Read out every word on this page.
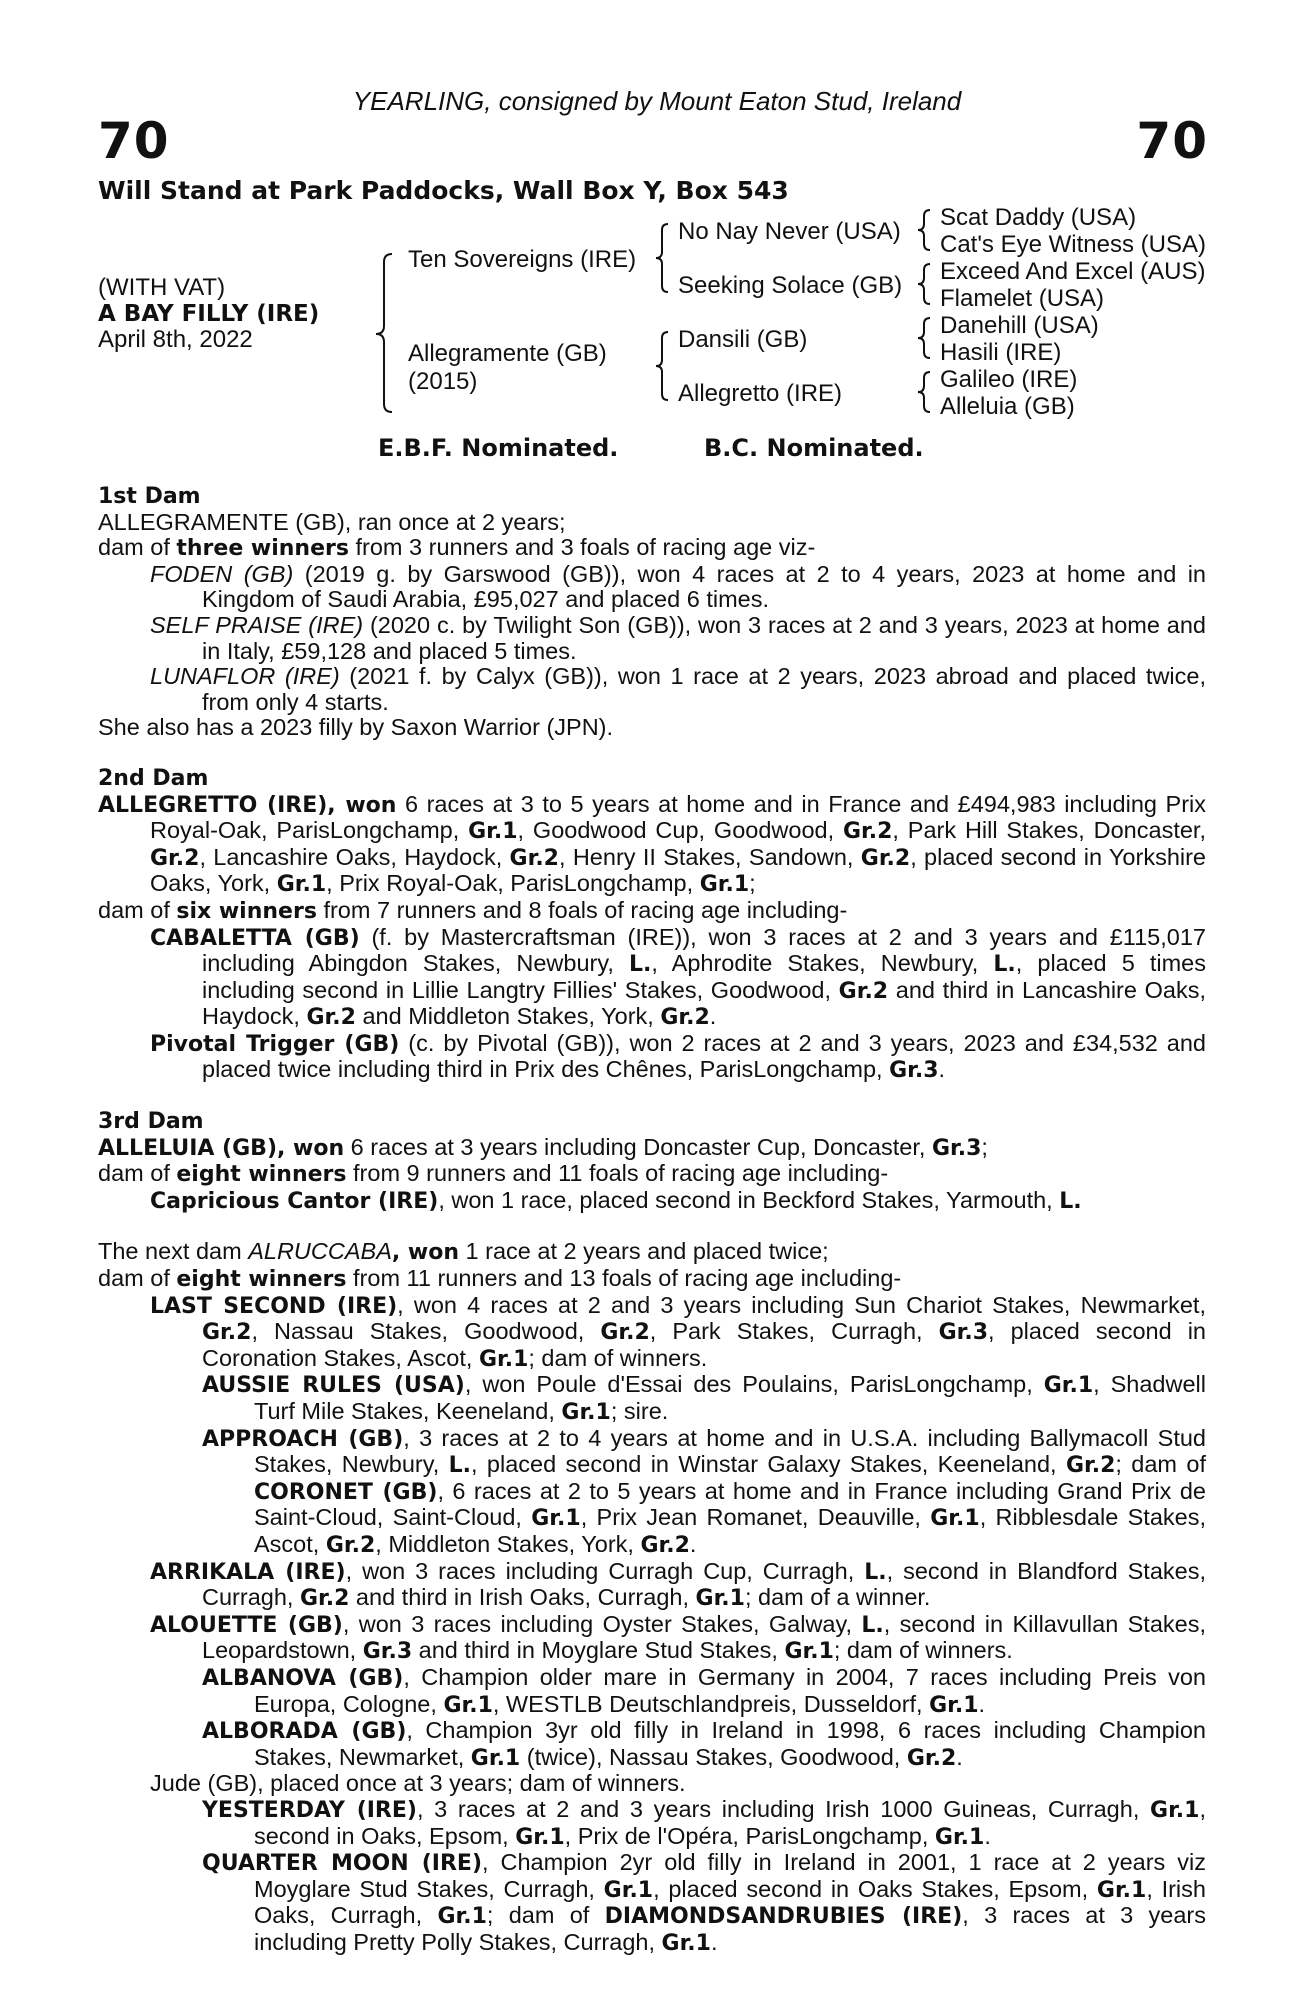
YEARLING, consigned by Mount Eaton Stud, Ireland
70	70
Will Stand at Park Paddocks, Wall Box Y, Box 543
(WITH VAT)
A BAY FILLY (IRE)
April 8th, 2022
Ten Sovereigns (IRE)
Allegramente (GB)
(2015)
No Nay Never (USA)
Seeking Solace (GB)
Dansili (GB)
Allegretto (IRE)
Scat Daddy (USA)
Cat's Eye Witness (USA)
Exceed And Excel (AUS)
Flamelet (USA)
Danehill (USA)
Hasili (IRE)
Galileo (IRE)
Alleluia (GB)
E.B.F. Nominated.	B.C. Nominated.
1st Dam
ALLEGRAMENTE (GB), ran once at 2 years;
dam of three winners from 3 runners and 3 foals of racing age viz-
FODEN (GB) (2019 g. by Garswood (GB)), won 4 races at 2 to 4 years, 2023 at home and in Kingdom of Saudi Arabia, £95,027 and placed 6 times.
SELF PRAISE (IRE) (2020 c. by Twilight Son (GB)), won 3 races at 2 and 3 years, 2023 at home and in Italy, £59,128 and placed 5 times.
LUNAFLOR (IRE) (2021 f. by Calyx (GB)), won 1 race at 2 years, 2023 abroad and placed twice, from only 4 starts.
She also has a 2023 filly by Saxon Warrior (JPN).
2nd Dam
ALLEGRETTO (IRE), won 6 races at 3 to 5 years at home and in France and £494,983 including Prix Royal-Oak, ParisLongchamp, Gr.1, Goodwood Cup, Goodwood, Gr.2, Park Hill Stakes, Doncaster, Gr.2, Lancashire Oaks, Haydock, Gr.2, Henry II Stakes, Sandown, Gr.2, placed second in Yorkshire Oaks, York, Gr.1, Prix Royal-Oak, ParisLongchamp, Gr.1;
dam of six winners from 7 runners and 8 foals of racing age including-
CABALETTA (GB) (f. by Mastercraftsman (IRE)), won 3 races at 2 and 3 years and £115,017 including Abingdon Stakes, Newbury, L., Aphrodite Stakes, Newbury, L., placed 5 times including second in Lillie Langtry Fillies' Stakes, Goodwood, Gr.2 and third in Lancashire Oaks, Haydock, Gr.2 and Middleton Stakes, York, Gr.2.
Pivotal Trigger (GB) (c. by Pivotal (GB)), won 2 races at 2 and 3 years, 2023 and £34,532 and placed twice including third in Prix des Chênes, ParisLongchamp, Gr.3.
3rd Dam
ALLELUIA (GB), won 6 races at 3 years including Doncaster Cup, Doncaster, Gr.3;
dam of eight winners from 9 runners and 11 foals of racing age including-
Capricious Cantor (IRE), won 1 race, placed second in Beckford Stakes, Yarmouth, L.
The next dam ALRUCCABA, won 1 race at 2 years and placed twice;
dam of eight winners from 11 runners and 13 foals of racing age including-
LAST SECOND (IRE), won 4 races at 2 and 3 years including Sun Chariot Stakes, Newmarket, Gr.2, Nassau Stakes, Goodwood, Gr.2, Park Stakes, Curragh, Gr.3, placed second in Coronation Stakes, Ascot, Gr.1; dam of winners.
AUSSIE RULES (USA), won Poule d'Essai des Poulains, ParisLongchamp, Gr.1, Shadwell Turf Mile Stakes, Keeneland, Gr.1; sire.
APPROACH (GB), 3 races at 2 to 4 years at home and in U.S.A. including Ballymacoll Stud Stakes, Newbury, L., placed second in Winstar Galaxy Stakes, Keeneland, Gr.2; dam of CORONET (GB), 6 races at 2 to 5 years at home and in France including Grand Prix de Saint-Cloud, Saint-Cloud, Gr.1, Prix Jean Romanet, Deauville, Gr.1, Ribblesdale Stakes, Ascot, Gr.2, Middleton Stakes, York, Gr.2.
ARRIKALA (IRE), won 3 races including Curragh Cup, Curragh, L., second in Blandford Stakes, Curragh, Gr.2 and third in Irish Oaks, Curragh, Gr.1; dam of a winner.
ALOUETTE (GB), won 3 races including Oyster Stakes, Galway, L., second in Killavullan Stakes, Leopardstown, Gr.3 and third in Moyglare Stud Stakes, Gr.1; dam of winners.
ALBANOVA (GB), Champion older mare in Germany in 2004, 7 races including Preis von Europa, Cologne, Gr.1, WESTLB Deutschlandpreis, Dusseldorf, Gr.1.
ALBORADA (GB), Champion 3yr old filly in Ireland in 1998, 6 races including Champion Stakes, Newmarket, Gr.1 (twice), Nassau Stakes, Goodwood, Gr.2.
Jude (GB), placed once at 3 years; dam of winners.
YESTERDAY (IRE), 3 races at 2 and 3 years including Irish 1000 Guineas, Curragh, Gr.1, second in Oaks, Epsom, Gr.1, Prix de l'Opéra, ParisLongchamp, Gr.1.
QUARTER MOON (IRE), Champion 2yr old filly in Ireland in 2001, 1 race at 2 years viz Moyglare Stud Stakes, Curragh, Gr.1, placed second in Oaks Stakes, Epsom, Gr.1, Irish Oaks, Curragh, Gr.1; dam of DIAMONDSANDRUBIES (IRE), 3 races at 3 years including Pretty Polly Stakes, Curragh, Gr.1.
